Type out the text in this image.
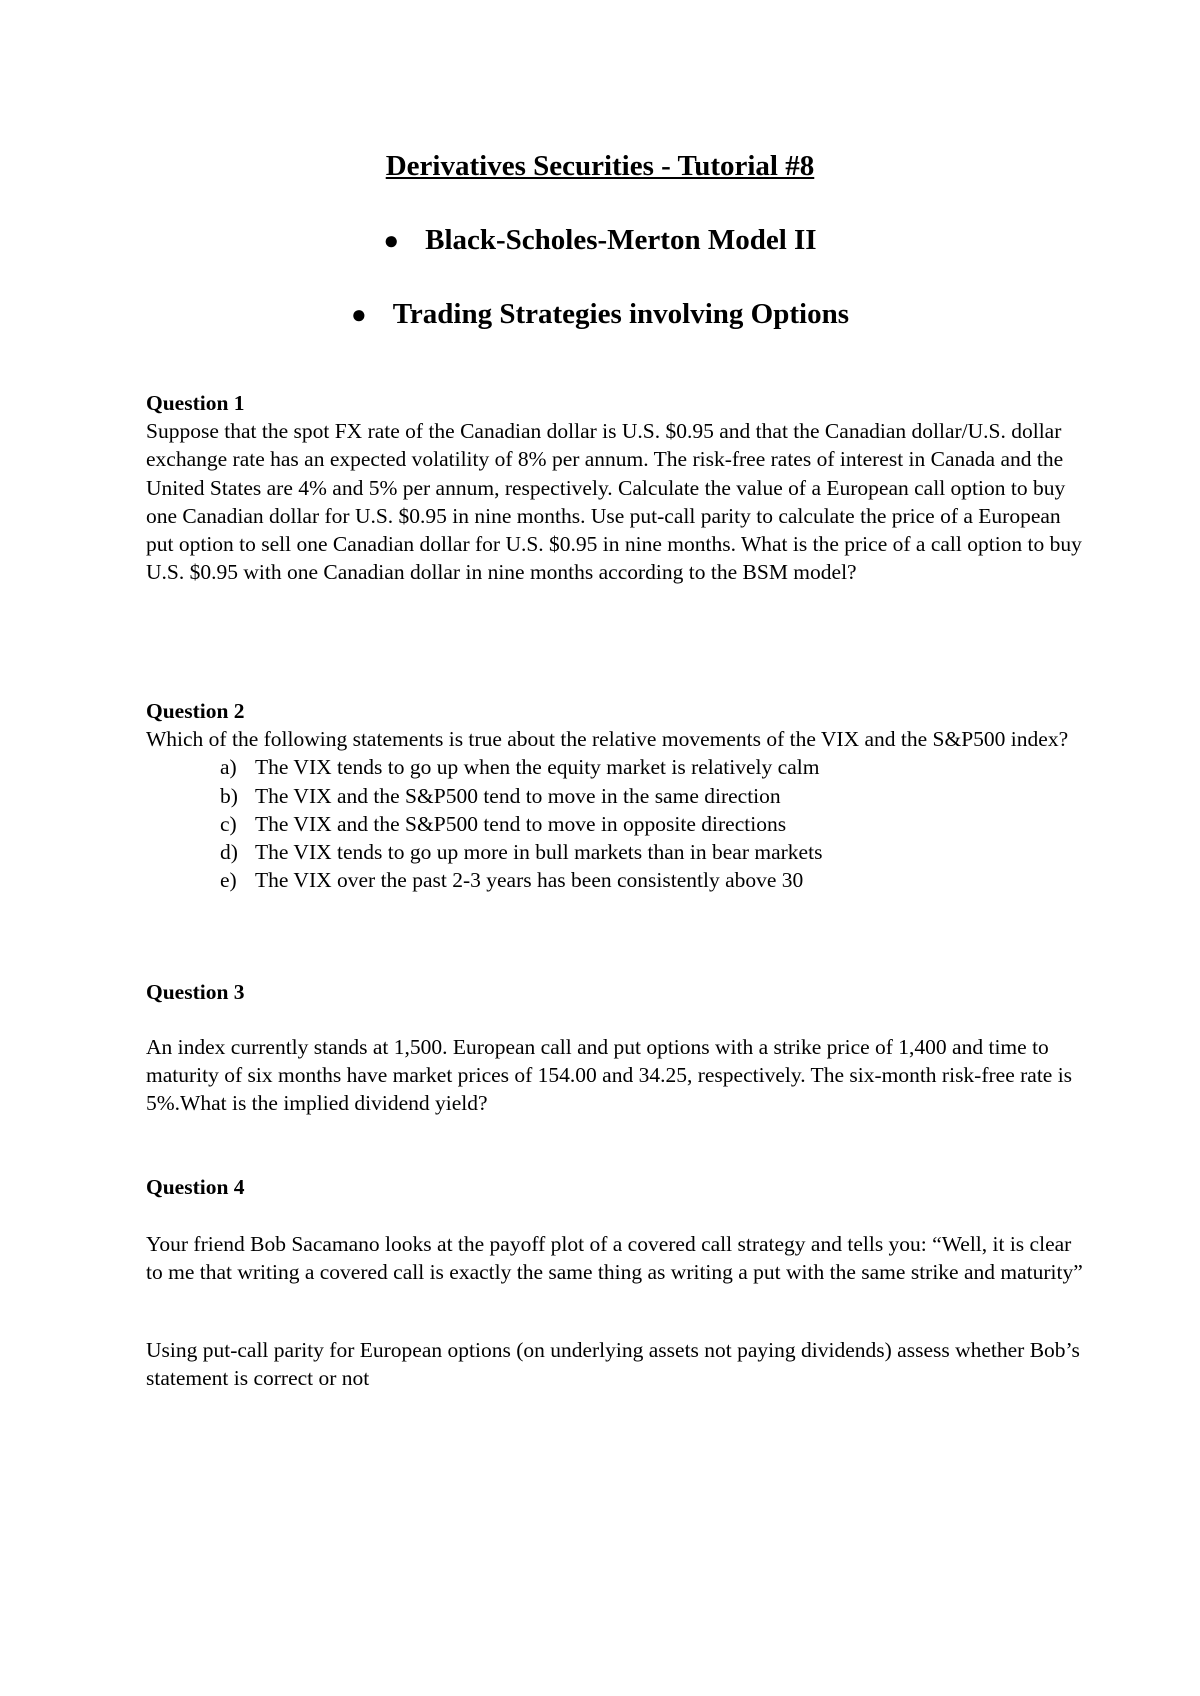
Derivatives Securities - Tutorial #8
● Black-Scholes-Merton Model II
● Trading Strategies involving Options

Question 1

Suppose that the spot FX rate of the Canadian dollar is U.S. $0.95 and that the Canadian dollar/U.S. dollar exchange rate has an expected volatility of 8% per annum. The risk-free rates of interest in Canada and the United States are 4% and 5% per annum, respectively. Calculate the value of a European call option to buy one Canadian dollar for U.S. $0.95 in nine months. Use put-call parity to calculate the price of a European put option to sell one Canadian dollar for U.S. $0.95 in nine months. What is the price of a call option to buy U.S. $0.95 with one Canadian dollar in nine months according to the BSM model?

Question 2

Which of the following statements is true about the relative movements of the VIX and the S&P500 index?

a) The VIX tends to go up when the equity market is relatively calm
b) The VIX and the S&P500 tend to move in the same direction
c) The VIX and the S&P500 tend to move in opposite directions
d) The VIX tends to go up more in bull markets than in bear markets
e) The VIX over the past 2-3 years has been consistently above 30

Question 3

An index currently stands at 1,500. European call and put options with a strike price of 1,400 and time to maturity of six months have market prices of 154.00 and 34.25, respectively. The six-month risk-free rate is 5%.What is the implied dividend yield?

Question 4

Your friend Bob Sacamano looks at the payoff plot of a covered call strategy and tells you: “Well, it is clear to me that writing a covered call is exactly the same thing as writing a put with the same strike and maturity”

Using put-call parity for European options (on underlying assets not paying dividends) assess whether Bob’s statement is correct or not
